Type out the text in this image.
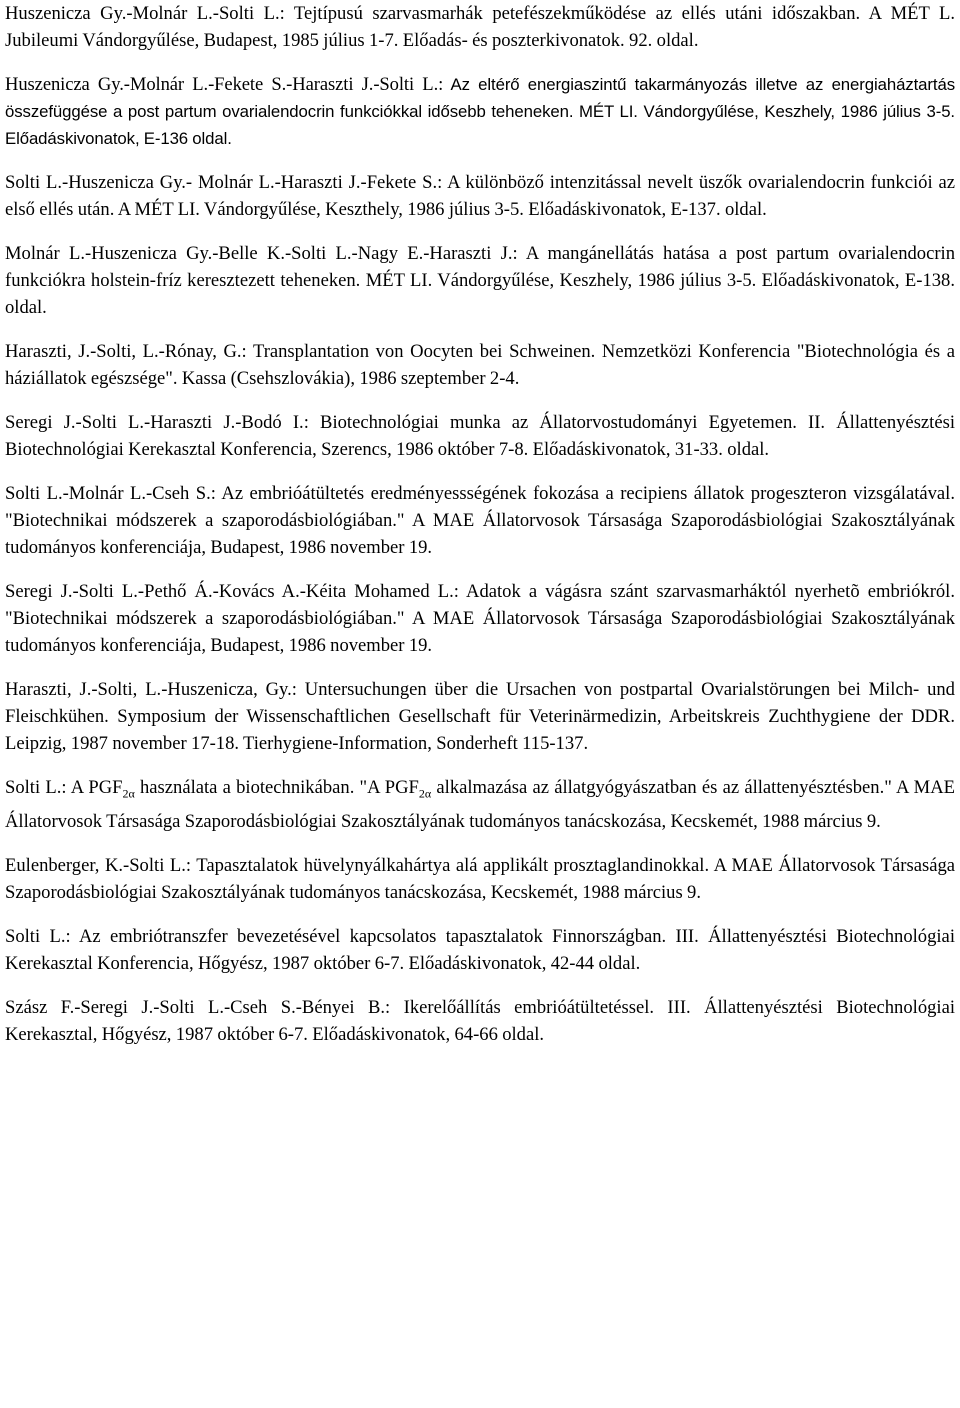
Huszenicza Gy.-Molnár L.-Solti L.: Tejtípusú szarvasmarhák petefészekműködése az ellés utáni időszakban. A MÉT L. Jubileumi Vándorgyűlése, Budapest, 1985 július 1-7. Előadás- és poszterkivonatok. 92. oldal.

Huszenicza Gy.-Molnár L.-Fekete S.-Haraszti J.-Solti L.: Az eltérő energiaszintű takarmányozás illetve az energiaháztartás összefüggése a post partum ovarialendocrin funkciókkal idősebb teheneken. MÉT LI. Vándorgyűlése, Keszhely, 1986 július 3-5. Előadáskivonatok, E-136 oldal.

Solti L.-Huszenicza Gy.- Molnár L.-Haraszti J.-Fekete S.: A különböző intenzitással nevelt üszők ovarialendocrin funkciói az első ellés után. A MÉT LI. Vándorgyűlése, Keszthely, 1986 július 3-5. Előadáskivonatok, E-137. oldal.

Molnár L.-Huszenicza Gy.-Belle K.-Solti L.-Nagy E.-Haraszti J.: A mangánellátás hatása a post partum ovarialendocrin funkciókra holstein-fríz keresztezett teheneken. MÉT LI. Vándorgyűlése, Keszhely, 1986 július 3-5. Előadáskivonatok, E-138. oldal.

Haraszti, J.-Solti, L.-Rónay, G.: Transplantation von Oocyten bei Schweinen. Nemzetközi Konferencia "Biotechnológia és a háziállatok egészsége". Kassa (Csehszlovákia), 1986 szeptember 2-4.

Seregi J.-Solti L.-Haraszti J.-Bodó I.: Biotechnológiai munka az Állatorvostudományi Egyetemen. II. Állattenyésztési Biotechnológiai Kerekasztal Konferencia, Szerencs, 1986 október 7-8. Előadáskivonatok, 31-33. oldal.

Solti L.-Molnár L.-Cseh S.: Az embrióátültetés eredményessségének fokozása a recipiens állatok progeszteron vizsgálatával. "Biotechnikai módszerek a szaporodásbiológiában." A MAE Állatorvosok Társasága Szaporodásbiológiai Szakosztályának tudományos konferenciája, Budapest, 1986 november 19.

Seregi J.-Solti L.-Pethő Á.-Kovács A.-Kéita Mohamed L.: Adatok a vágásra szánt szarvasmarháktól nyerhetõ embriókról. "Biotechnikai módszerek a szaporodásbiológiában." A MAE Állatorvosok Társasága Szaporodásbiológiai Szakosztályának tudományos konferenciája, Budapest, 1986 november 19.

Haraszti, J.-Solti, L.-Huszenicza, Gy.: Untersuchungen über die Ursachen von postpartal Ovarialstörungen bei Milch- und Fleischkühen. Symposium der Wissenschaftlichen Gesellschaft für Veterinärmedizin, Arbeitskreis Zuchthygiene der DDR. Leipzig, 1987 november 17-18. Tierhygiene-Information, Sonderheft 115-137.

Solti L.: A $PGF_{2\alpha}$ használata a biotechnikában. "A $PGF_{2\alpha}$ alkalmazása az állatgyógyászatban és az állattenyésztésben." A MAE Állatorvosok Társasága Szaporodásbiológiai Szakosztályának tudományos tanácskozása, Kecskemét, 1988 március 9.

Eulenberger, K.-Solti L.: Tapasztalatok hüvelynyálkahártya alá applikált prosztaglandinokkal. A MAE Állatorvosok Társasága Szaporodásbiológiai Szakosztályának tudományos tanácskozása, Kecskemét, 1988 március 9.

Solti L.: Az embriótranszfer bevezetésével kapcsolatos tapasztalatok Finnországban. III. Állattenyésztési Biotechnológiai Kerekasztal Konferencia, Hőgyész, 1987 október 6-7. Előadáskivonatok, 42-44 oldal.

Szász F.-Seregi J.-Solti L.-Cseh S.-Bényei B.: Ikerelőállítás embrióátültetéssel. III. Állattenyésztési Biotechnológiai Kerekasztal, Hőgyész, 1987 október 6-7. Előadáskivonatok, 64-66 oldal.
